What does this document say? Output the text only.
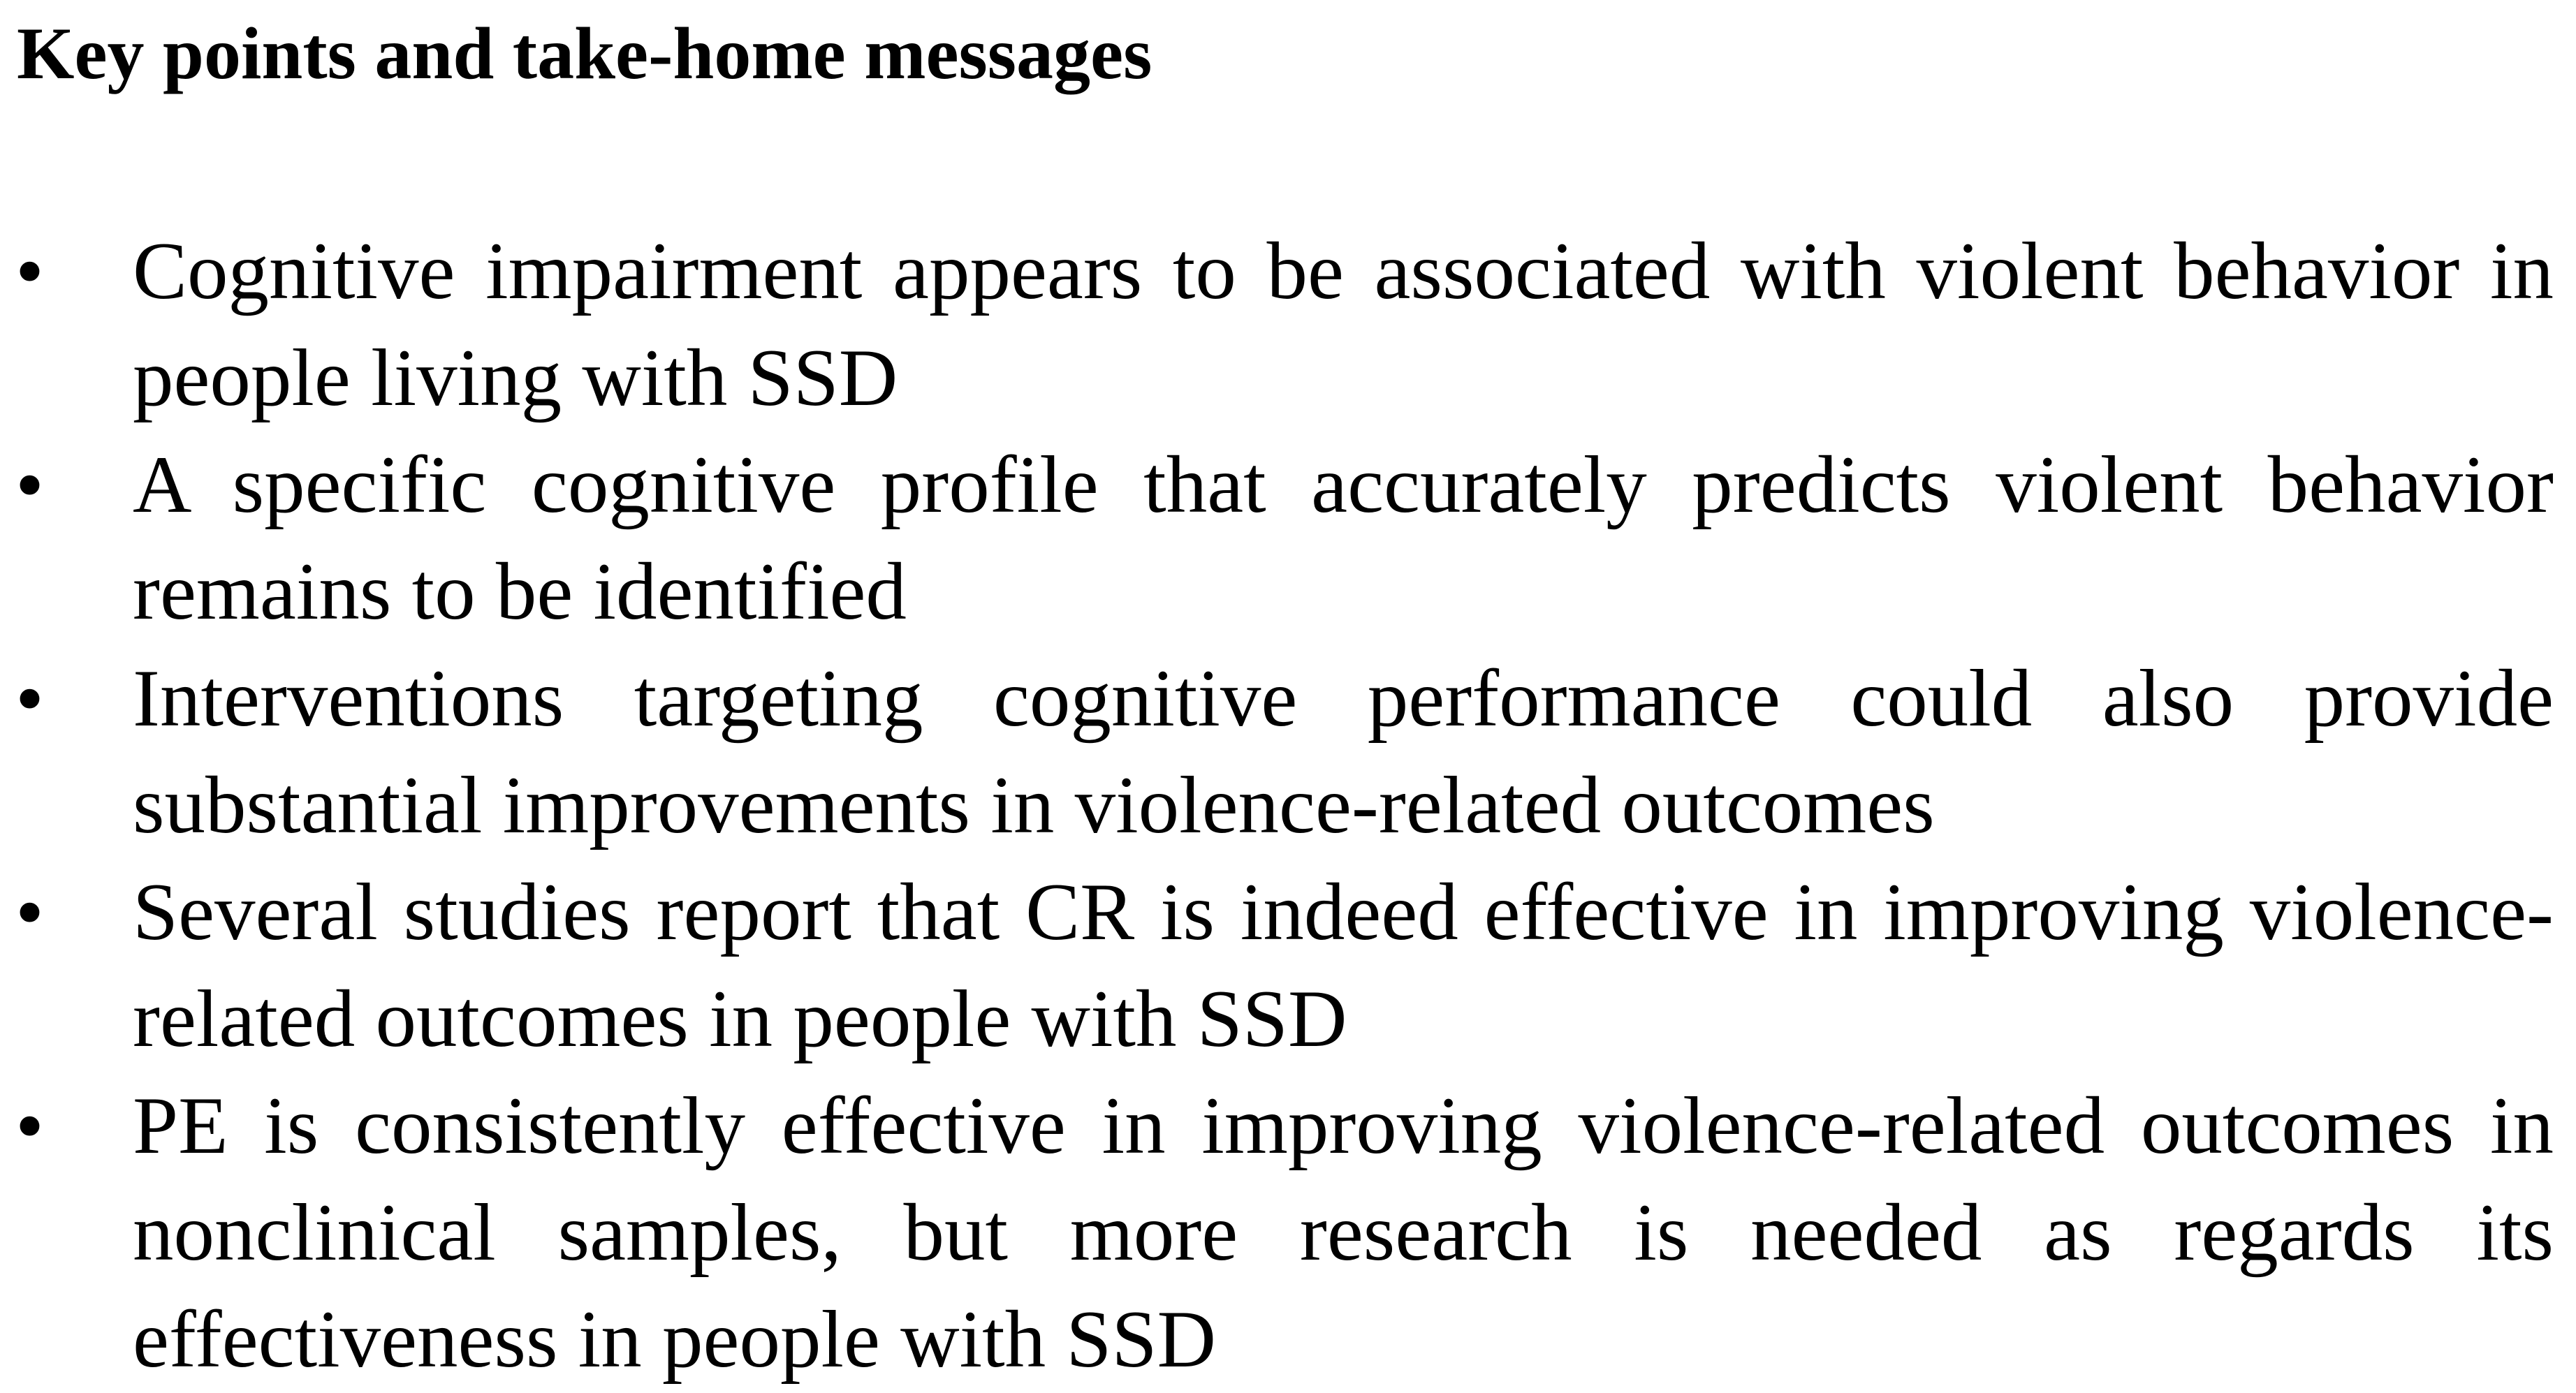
Key points and take-home messages
•	Cognitive impairment appears to be associated with violent behavior in people living with SSD
•	A specific cognitive profile that accurately predicts violent behavior remains to be identified
•	Interventions targeting cognitive performance could also provide substantial improvements in violence-related outcomes
•	Several studies report that CR is indeed effective in improving violence-related outcomes in people with SSD
•	PE is consistently effective in improving violence-related outcomes in nonclinical samples, but more research is needed as regards its effectiveness in people with SSD
